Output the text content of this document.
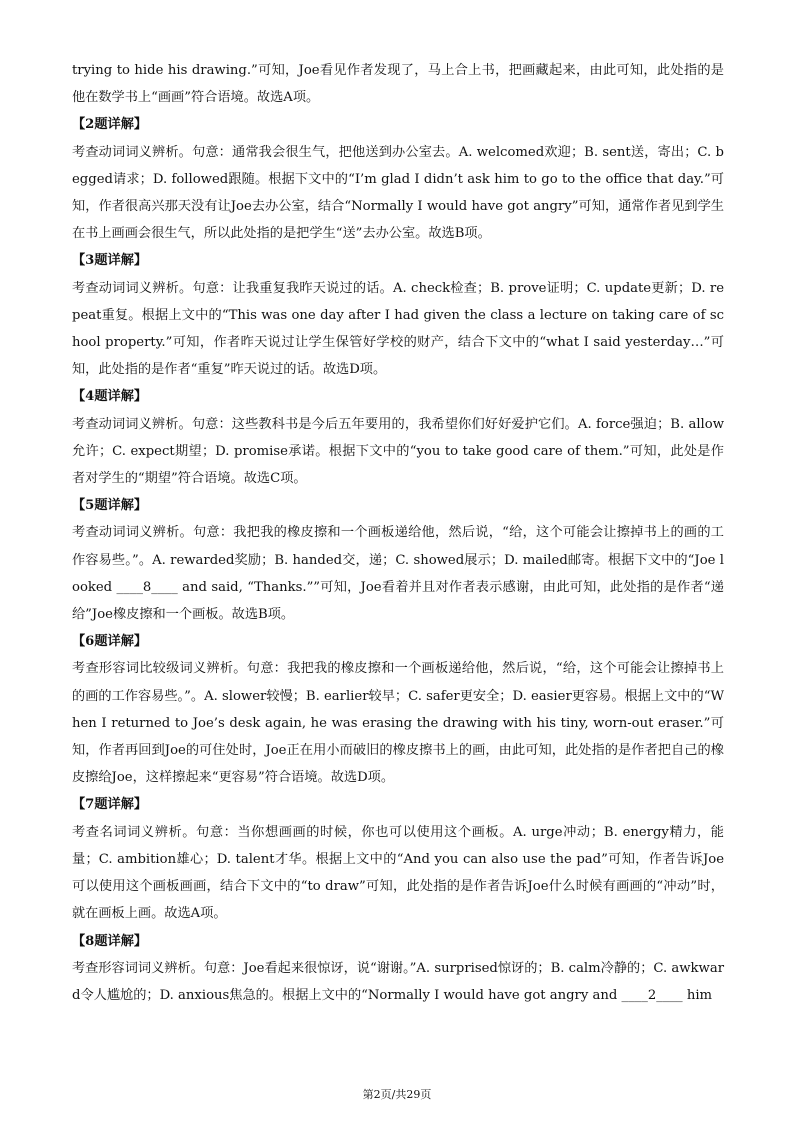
trying to hide his drawing.”可知，Joe看见作者发现了，马上合上书，把画藏起来，由此可知，此处指的是他在数学书上“画画”符合语境。故选A项。

【2题详解】

考查动词词义辨析。句意：通常我会很生气，把他送到办公室去。A. welcomed欢迎；B. sent送，寄出；C. begged请求；D. followed跟随。根据下文中的“I’m glad I didn’t ask him to go to the office that day.”可知，作者很高兴那天没有让Joe去办公室，结合“Normally I would have got angry”可知，通常作者见到学生在书上画画会很生气，所以此处指的是把学生“送”去办公室。故选B项。

【3题详解】

考查动词词义辨析。句意：让我重复我昨天说过的话。A. check检查；B. prove证明；C. update更新；D. repeat重复。根据上文中的“This was one day after I had given the class a lecture on taking care of school property.”可知，作者昨天说过让学生保管好学校的财产，结合下文中的“what I said yesterday…”可知，此处指的是作者“重复”昨天说过的话。故选D项。

【4题详解】

考查动词词义辨析。句意：这些教科书是今后五年要用的，我希望你们好好爱护它们。A. force强迫；B. allow允许；C. expect期望；D. promise承诺。根据下文中的“you to take good care of them.”可知，此处是作者对学生的“期望”符合语境。故选C项。

【5题详解】

考查动词词义辨析。句意：我把我的橡皮擦和一个画板递给他，然后说，“给，这个可能会让擦掉书上的画的工作容易些。”。A. rewarded奖励；B. handed交，递；C. showed展示；D. mailed邮寄。根据下文中的“Joe looked ____8____ and said, “Thanks.””可知，Joe看着并且对作者表示感谢，由此可知，此处指的是作者“递给”Joe橡皮擦和一个画板。故选B项。

【6题详解】

考查形容词比较级词义辨析。句意：我把我的橡皮擦和一个画板递给他，然后说，“给，这个可能会让擦掉书上的画的工作容易些。”。A. slower较慢；B. earlier较早；C. safer更安全；D. easier更容易。根据上文中的“When I returned to Joe’s desk again, he was erasing the drawing with his tiny, worn-out eraser.”可知，作者再回到Joe的可住处时，Joe正在用小而破旧的橡皮擦书上的画，由此可知，此处指的是作者把自己的橡皮擦给Joe，这样擦起来“更容易”符合语境。故选D项。

【7题详解】

考查名词词义辨析。句意：当你想画画的时候，你也可以使用这个画板。A. urge冲动；B. energy精力，能量；C. ambition雄心；D. talent才华。根据上文中的“And you can also use the pad”可知，作者告诉Joe可以使用这个画板画画，结合下文中的“to draw”可知，此处指的是作者告诉Joe什么时候有画画的“冲动”时，就在画板上画。故选A项。

【8题详解】

考查形容词词义辨析。句意：Joe看起来很惊讶，说“谢谢。”A. surprised惊讶的；B. calm冷静的；C. awkward令人尴尬的；D. anxious焦急的。根据上文中的“Normally I would have got angry and ____2____ him

第2页/共29页
